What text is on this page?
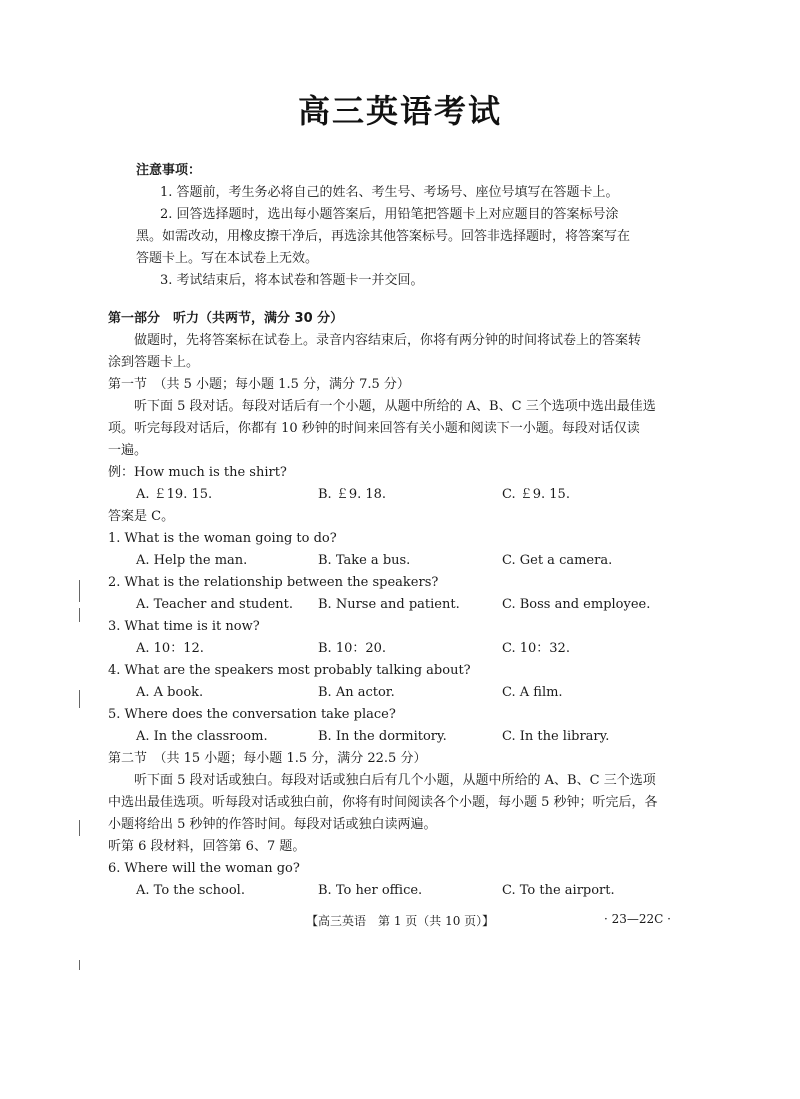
高三英语考试
注意事项：
1. 答题前，考生务必将自己的姓名、考生号、考场号、座位号填写在答题卡上。
2. 回答选择题时，选出每小题答案后，用铅笔把答题卡上对应题目的答案标号涂
黑。如需改动，用橡皮擦干净后，再选涂其他答案标号。回答非选择题时，将答案写在
答题卡上。写在本试卷上无效。
3. 考试结束后，将本试卷和答题卡一并交回。
第一部分　听力（共两节，满分 30 分）
做题时，先将答案标在试卷上。录音内容结束后，你将有两分钟的时间将试卷上的答案转
涂到答题卡上。
第一节　（共 5 小题；每小题 1.5 分，满分 7.5 分）
听下面 5 段对话。每段对话后有一个小题，从题中所给的 A、B、C 三个选项中选出最佳选
项。听完每段对话后，你都有 10 秒钟的时间来回答有关小题和阅读下一小题。每段对话仅读
一遍。
例：How much is the shirt?
A. ￡19. 15.	B. ￡9. 18.	C. ￡9. 15.
答案是 C。
1. What is the woman going to do?
A. Help the man.	B. Take a bus.	C. Get a camera.
2. What is the relationship between the speakers?
A. Teacher and student. B. Nurse and patient.	C. Boss and employee.
3. What time is it now?
A. 10：12.	B. 10：20.	C. 10：32.
4. What are the speakers most probably talking about?
A. A book.	B. An actor.	C. A film.
5. Where does the conversation take place?
A. In the classroom.	B. In the dormitory.	C. In the library.
第二节　（共 15 小题；每小题 1.5 分，满分 22.5 分）
听下面 5 段对话或独白。每段对话或独白后有几个小题，从题中所给的 A、B、C 三个选项
中选出最佳选项。听每段对话或独白前，你将有时间阅读各个小题，每小题 5 秒钟；听完后，各
小题将给出 5 秒钟的作答时间。每段对话或独白读两遍。
听第 6 段材料，回答第 6、7 题。
6. Where will the woman go?
A. To the school.	B. To her office.	C. To the airport.
【高三英语　第 1 页（共 10 页）】	· 23—22C ·
